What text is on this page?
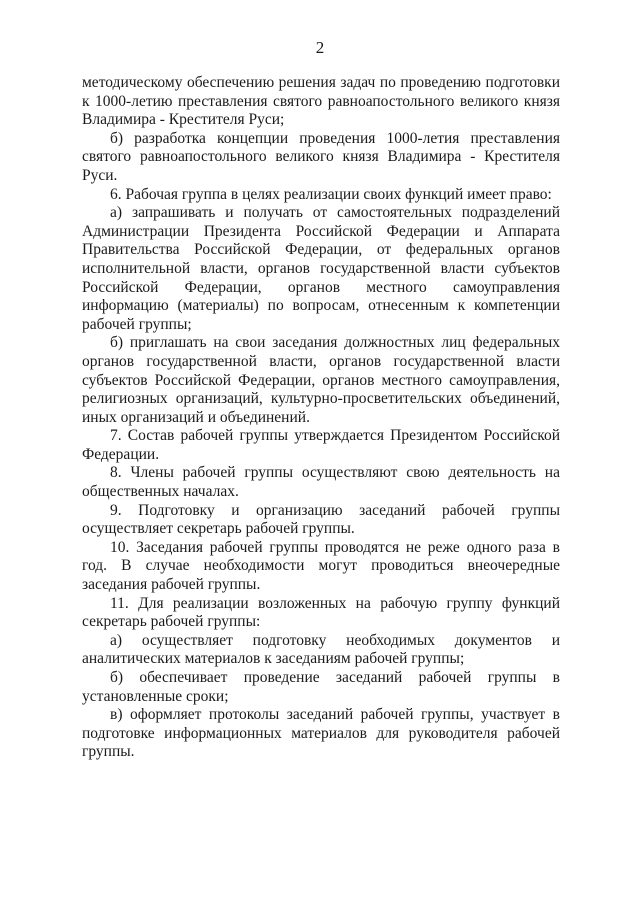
2

методическому обеспечению решения задач по проведению подготовки к 1000-летию преставления святого равноапостольного великого князя Владимира - Крестителя Руси;

б) разработка концепции проведения 1000-летия преставления святого равноапостольного великого князя Владимира - Крестителя Руси.

6. Рабочая группа в целях реализации своих функций имеет право:

а) запрашивать и получать от самостоятельных подразделений Администрации Президента Российской Федерации и Аппарата Правительства Российской Федерации, от федеральных органов исполнительной власти, органов государственной власти субъектов Российской Федерации, органов местного самоуправления информацию (материалы) по вопросам, отнесенным к компетенции рабочей группы;

б) приглашать на свои заседания должностных лиц федеральных органов государственной власти, органов государственной власти субъектов Российской Федерации, органов местного самоуправления, религиозных организаций, культурно-просветительских объединений, иных организаций и объединений.

7. Состав рабочей группы утверждается Президентом Российской Федерации.

8. Члены рабочей группы осуществляют свою деятельность на общественных началах.

9. Подготовку и организацию заседаний рабочей группы осуществляет секретарь рабочей группы.

10. Заседания рабочей группы проводятся не реже одного раза в год. В случае необходимости могут проводиться внеочередные заседания рабочей группы.

11. Для реализации возложенных на рабочую группу функций секретарь рабочей группы:

а) осуществляет подготовку необходимых документов и аналитических материалов к заседаниям рабочей группы;

б) обеспечивает проведение заседаний рабочей группы в установленные сроки;

в) оформляет протоколы заседаний рабочей группы, участвует в подготовке информационных материалов для руководителя рабочей группы.
